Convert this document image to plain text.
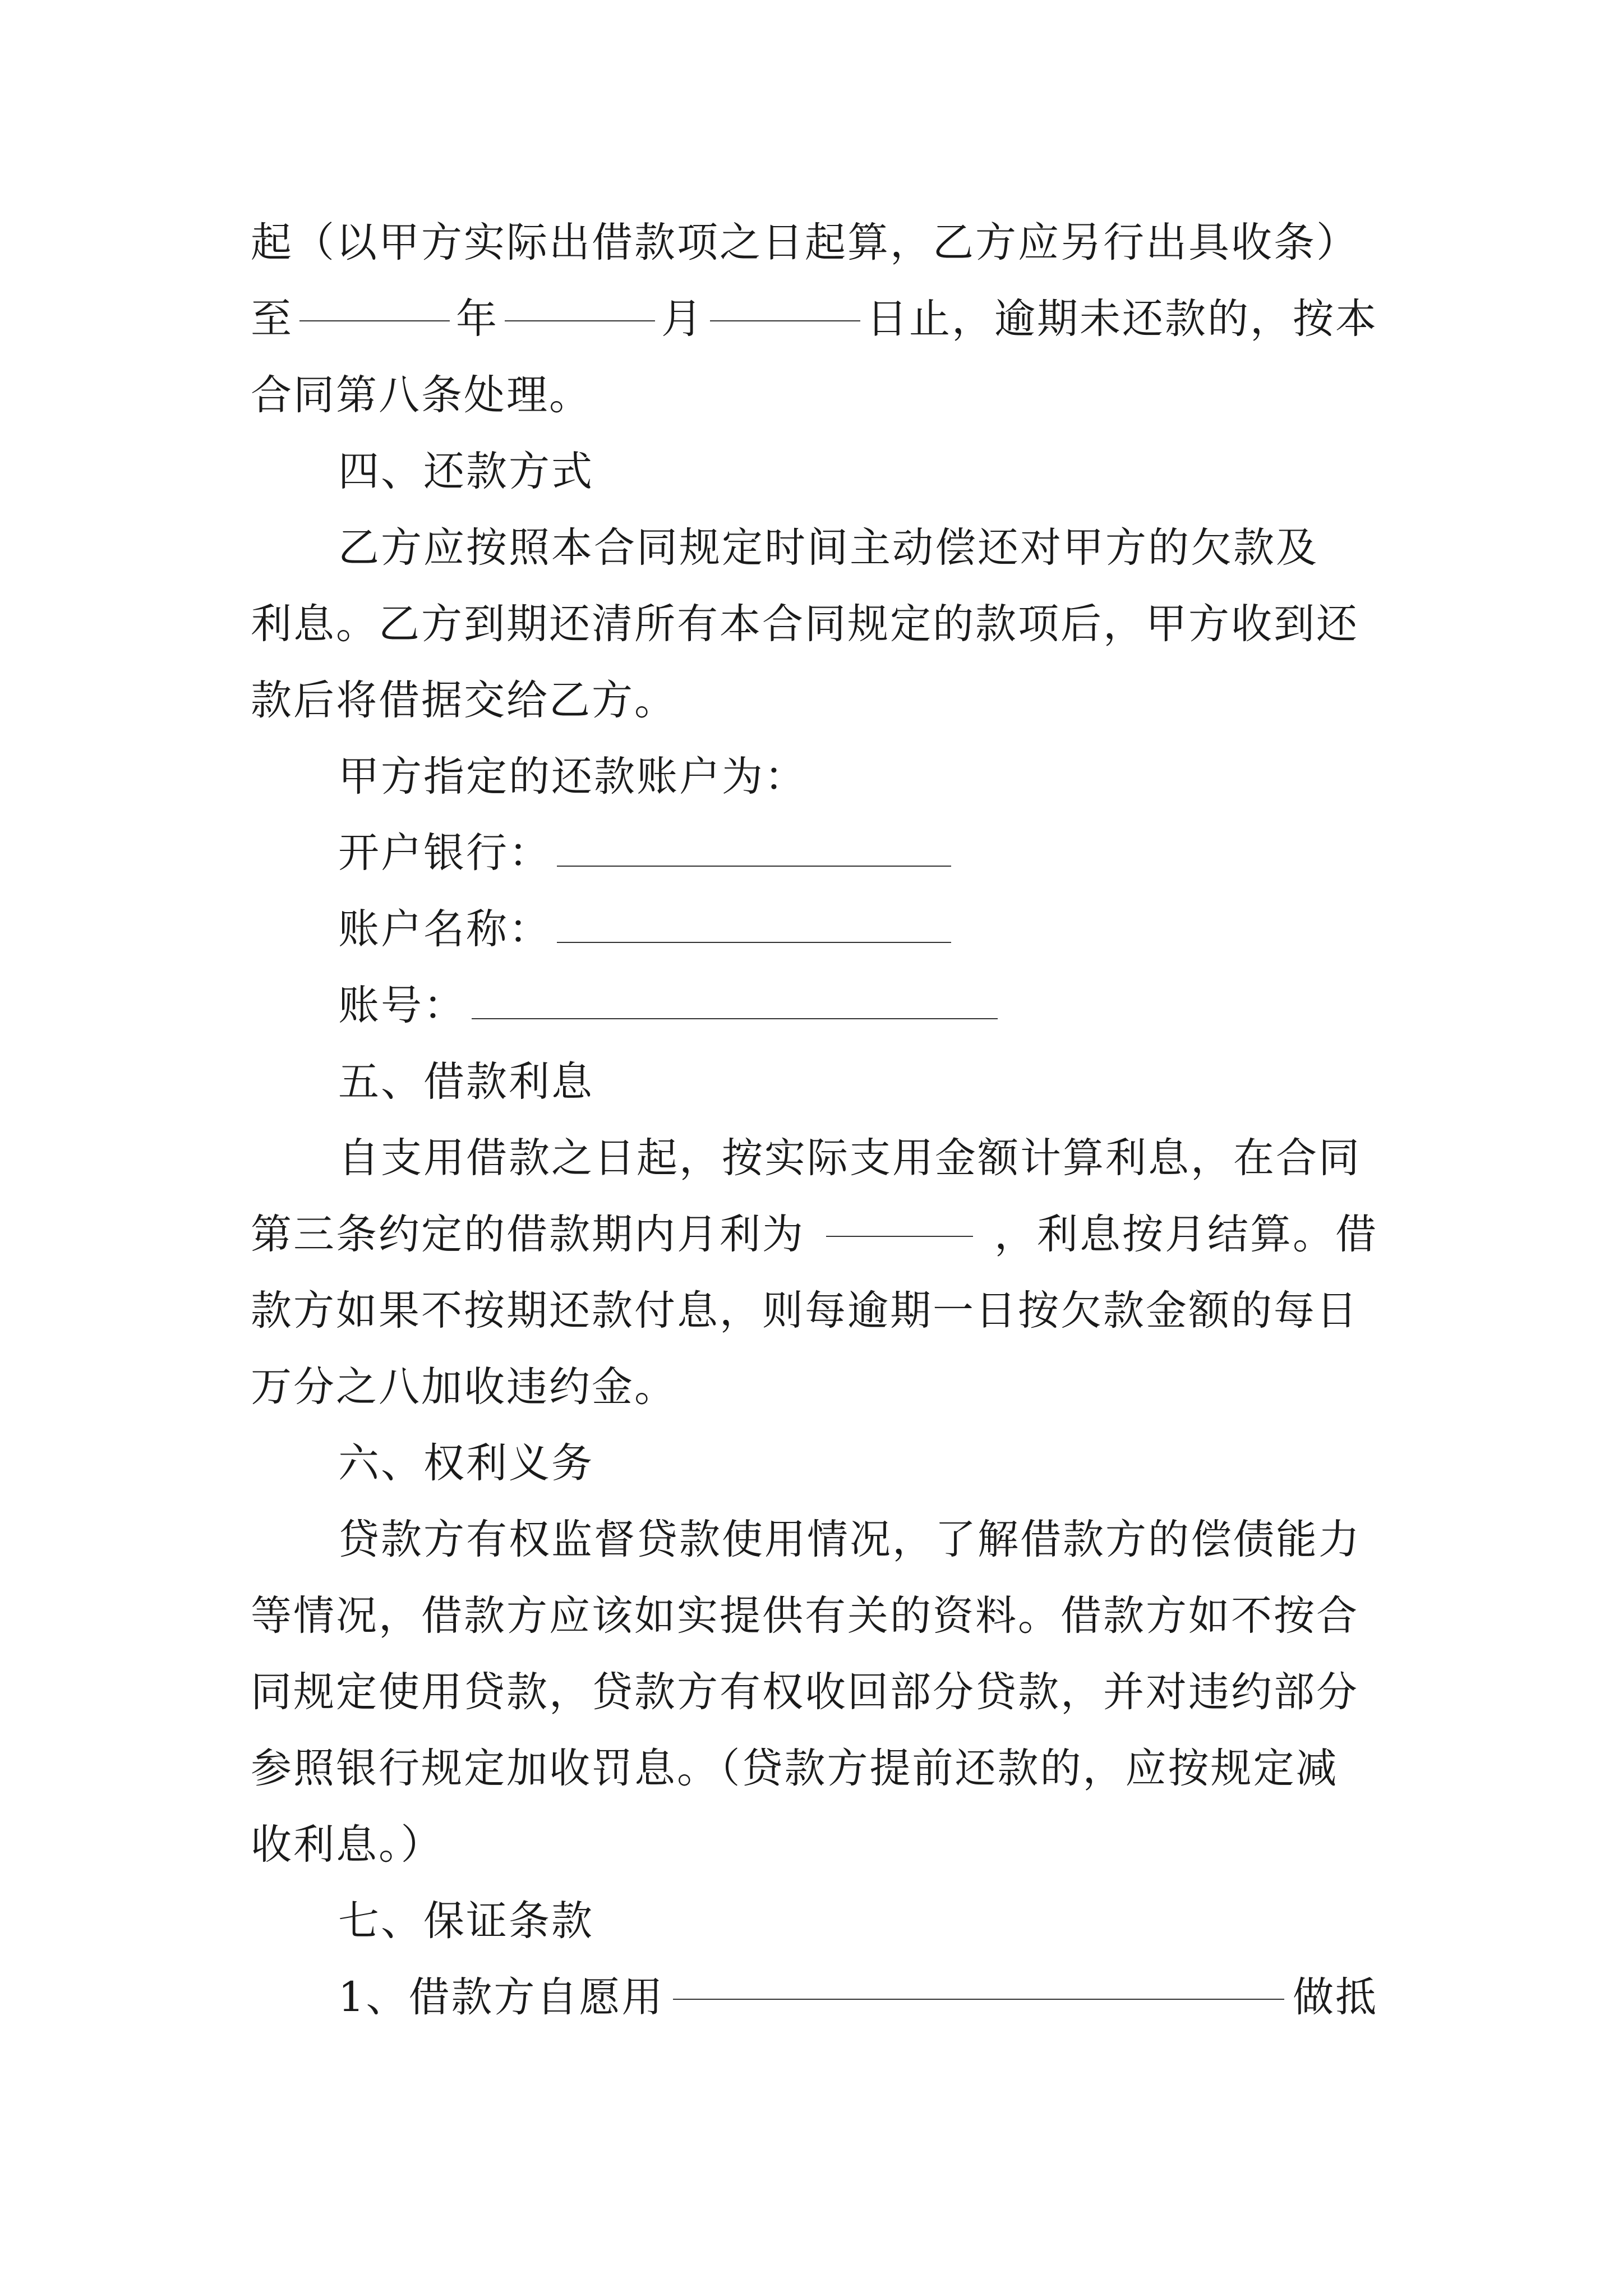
起（以甲方实际出借款项之日起算，乙方应另行出具收条）
至	年	月	日止，逾期未还款的，按本
合同第八条处理。
四、还款方式
乙方应按照本合同规定时间主动偿还对甲方的欠款及
利息。乙方到期还清所有本合同规定的款项后，甲方收到还
款后将借据交给乙方。
甲方指定的还款账户为：
开户银行：
账户名称：
账号：
五、借款利息
自支用借款之日起，按实际支用金额计算利息，在合同
第三条约定的借款期内月利为	，利息按月结算。借
款方如果不按期还款付息，则每逾期一日按欠款金额的每日
万分之八加收违约金。
六、权利义务
贷款方有权监督贷款使用情况，了解借款方的偿债能力
等情况，借款方应该如实提供有关的资料。借款方如不按合
同规定使用贷款，贷款方有权收回部分贷款，并对违约部分
参照银行规定加收罚息。（贷款方提前还款的，应按规定减
收利息。）
七、保证条款
1、借款方自愿用	做抵
